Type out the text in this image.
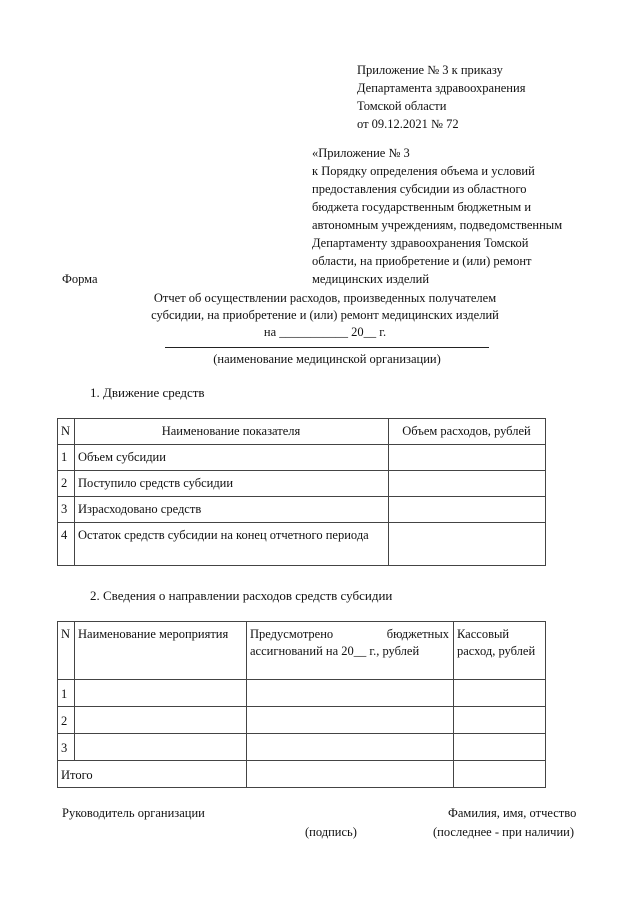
Приложение № 3 к приказу
Департамента здравоохранения
Томской области
от 09.12.2021 № 72
«Приложение № 3
к Порядку определения объема и условий
предоставления субсидии из областного
бюджета государственным бюджетным и
автономным учреждениям, подведомственным
Департаменту здравоохранения Томской
области, на приобретение и (или) ремонт
медицинских изделий
Форма
Отчет об осуществлении расходов, произведенных получателем
субсидии, на приобретение и (или) ремонт медицинских изделий
на ___________ 20__ г.
(наименование медицинской организации)
1. Движение средств
N	Наименование показателя	Объем расходов, рублей
1	Объем субсидии	
2	Поступило средств субсидии	
3	Израсходовано средств	
4	Остаток средств субсидии на конец отчетного периода	
2. Сведения о направлении расходов средств субсидии
N	Наименование мероприятия	Предусмотрено бюджетных ассигнований на 20__ г., рублей	Кассовый расход, рублей
1			
2			
3			
Итого			
Руководитель организации	Фамилия, имя, отчество
(подпись)	(последнее - при наличии)
